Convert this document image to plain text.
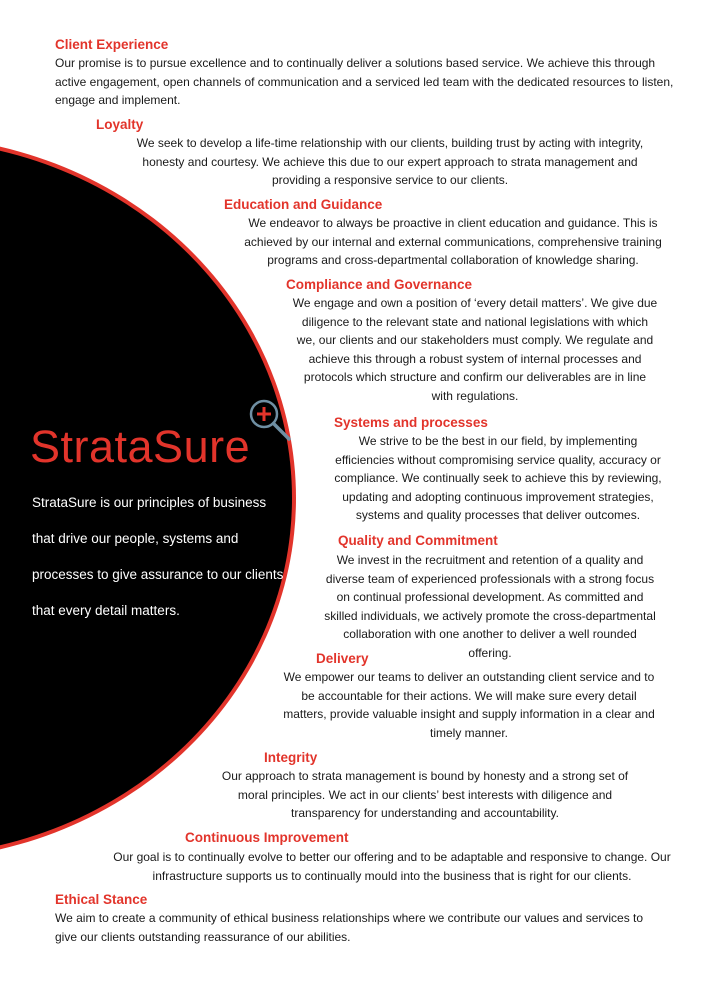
StrataSure
StrataSure is our principles of business that drive our people, systems and processes to give assurance to our clients that every detail matters.
Client Experience
Our promise is to pursue excellence and to continually deliver a solutions based service. We achieve this through active engagement, open channels of communication and a serviced led team with the dedicated resources to listen, engage and implement.
Loyalty
We seek to develop a life-time relationship with our clients, building trust by acting with integrity, honesty and courtesy. We achieve this due to our expert approach to strata management and providing a responsive service to our clients.
Education and Guidance
We endeavor to always be proactive in client education and guidance. This is achieved by our internal and external communications, comprehensive training programs and cross-departmental collaboration of knowledge sharing.
Compliance and Governance
We engage and own a position of ‘every detail matters’. We give due diligence to the relevant state and national legislations with which we, our clients and our stakeholders must comply. We regulate and achieve this through a robust system of internal processes and protocols which structure and confirm our deliverables are in line with regulations.
Systems and processes
We strive to be the best in our field, by implementing efficiencies without compromising service quality, accuracy or compliance. We continually seek to achieve this by reviewing, updating and adopting continuous improvement strategies, systems and quality processes that deliver outcomes.
Quality and Commitment
We invest in the recruitment and retention of a quality and diverse team of experienced professionals with a strong focus on continual professional development. As committed and skilled individuals, we actively promote the cross-departmental collaboration with one another to deliver a well rounded offering.
Delivery
We empower our teams to deliver an outstanding client service and to be accountable for their actions. We will make sure every detail matters, provide valuable insight and supply information in a clear and timely manner.
Integrity
Our approach to strata management is bound by honesty and a strong set of moral principles. We act in our clients’ best interests with diligence and transparency for understanding and accountability.
Continuous Improvement
Our goal is to continually evolve to better our offering and to be adaptable and responsive to change. Our infrastructure supports us to continually mould into the business that is right for our clients.
Ethical Stance
We aim to create a community of ethical business relationships where we contribute our values and services to give our clients outstanding reassurance of our abilities.
